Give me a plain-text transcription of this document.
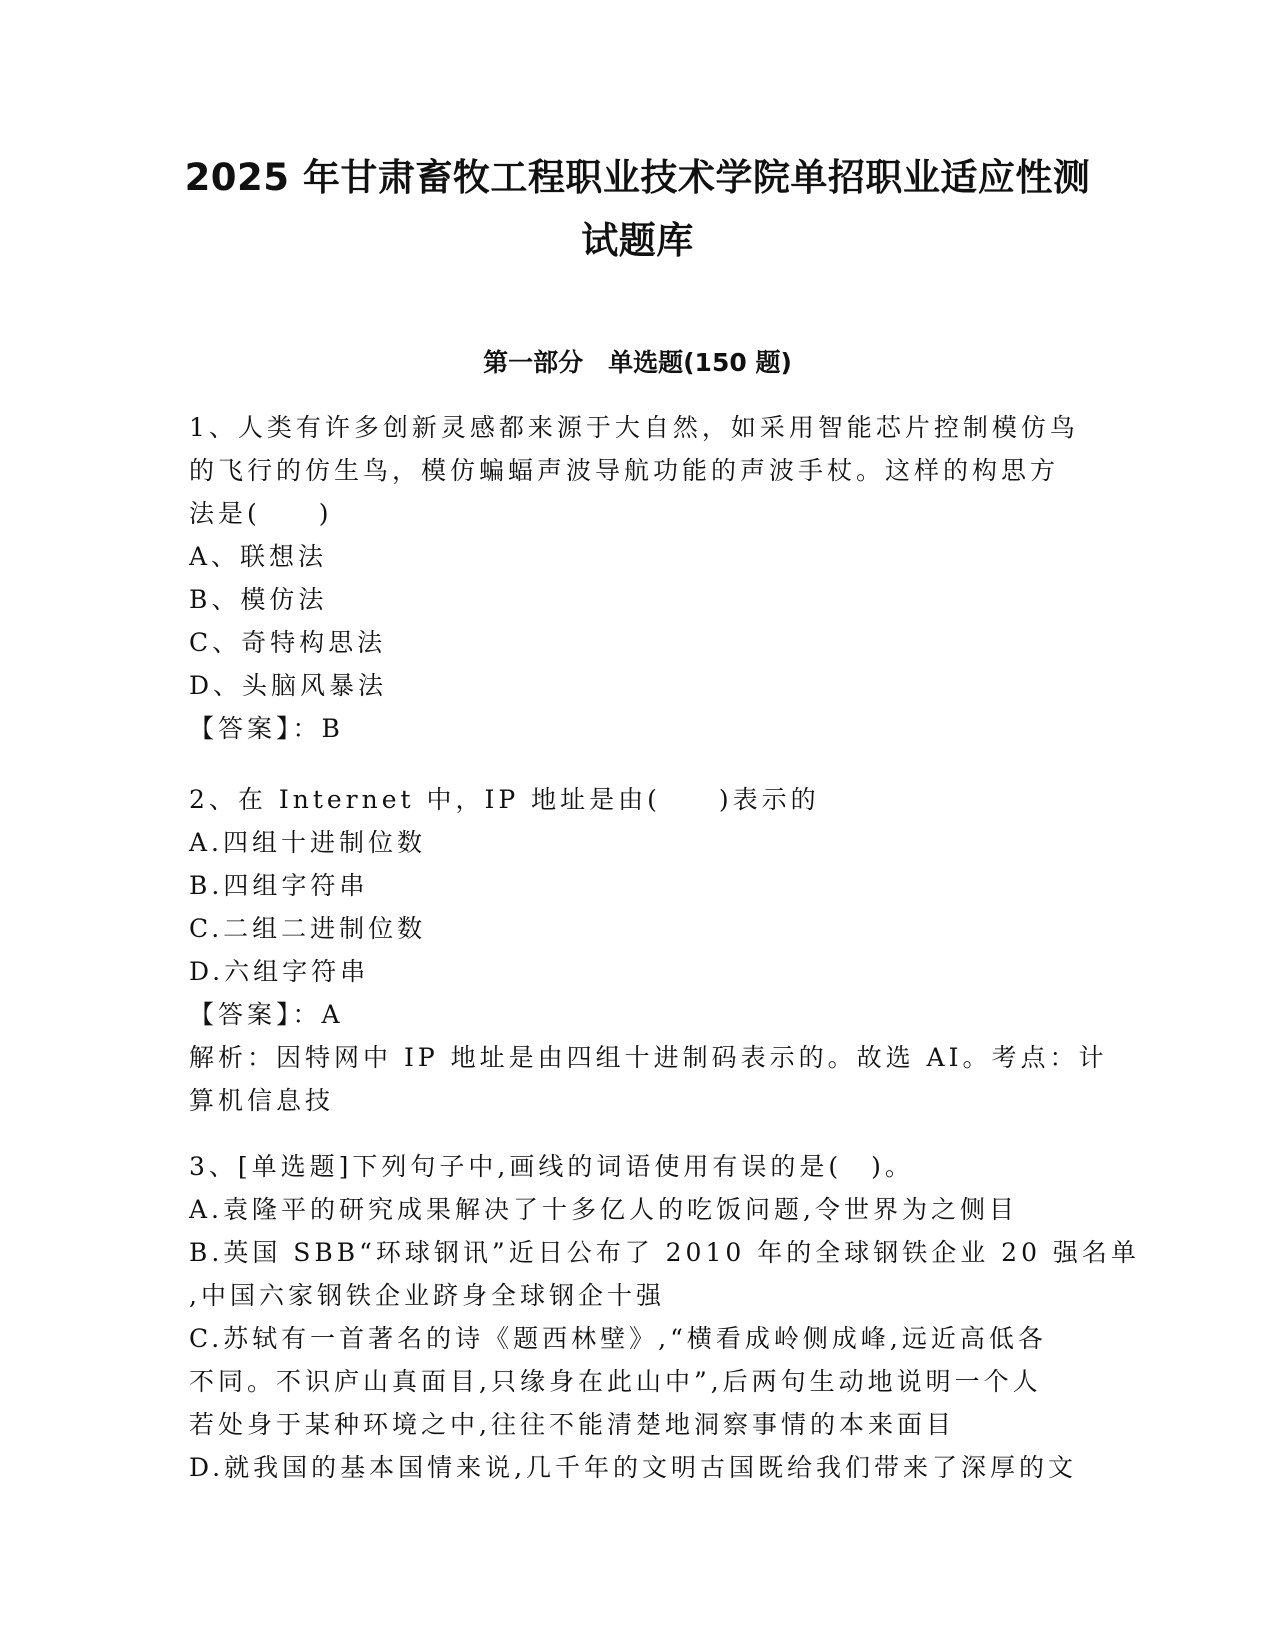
2025 年甘肃畜牧工程职业技术学院单招职业适应性测
试题库
第一部分　单选题(150 题)
1、人类有许多创新灵感都来源于大自然，如采用智能芯片控制模仿鸟
的飞行的仿生鸟，模仿蝙蝠声波导航功能的声波手杖。这样的构思方
法是(　　)
A、联想法
B、模仿法
C、奇特构思法
D、头脑风暴法
【答案】：B
2、在 Internet 中，IP 地址是由(　　)表示的
A.四组十进制位数
B.四组字符串
C.二组二进制位数
D.六组字符串
【答案】：A
解析：因特网中 IP 地址是由四组十进制码表示的。故选 AI。考点：计
算机信息技
3、[单选题]下列句子中,画线的词语使用有误的是(　)。
A.袁隆平的研究成果解决了十多亿人的吃饭问题,令世界为之侧目
B.英国 SBB“环球钢讯”近日公布了 2010 年的全球钢铁企业 20 强名单
,中国六家钢铁企业跻身全球钢企十强
C.苏轼有一首著名的诗《题西林壁》,“横看成岭侧成峰,远近高低各
不同。不识庐山真面目,只缘身在此山中”,后两句生动地说明一个人
若处身于某种环境之中,往往不能清楚地洞察事情的本来面目
D.就我国的基本国情来说,几千年的文明古国既给我们带来了深厚的文
